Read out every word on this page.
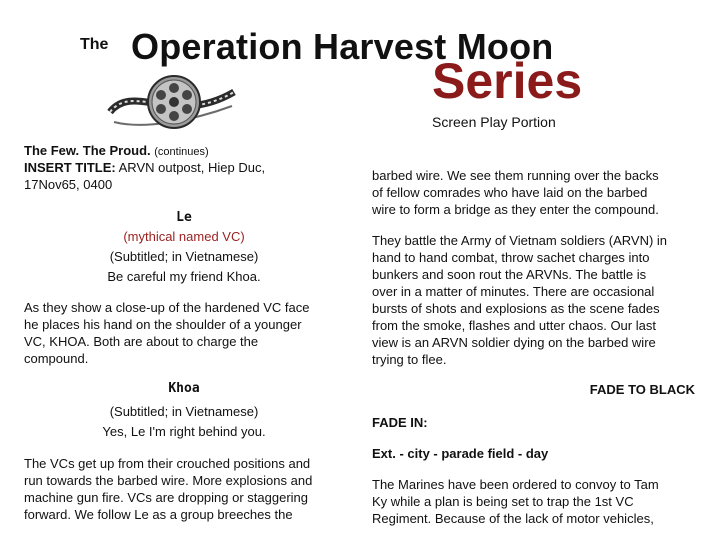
The Operation Harvest Moon
Series
Screen Play Portion
The Few. The Proud. (continues)
INSERT TITLE: ARVN outpost, Hiep Duc,
17Nov65, 0400
Le
(mythical named VC)
(Subtitled; in Vietnamese)
Be careful my friend Khoa.
As they show a close-up of the hardened VC face
he places his hand on the shoulder of a younger
VC, KHOA. Both are about to charge the
compound.
Khoa
(Subtitled; in Vietnamese)
Yes, Le I'm right behind you.
The VCs get up from their crouched positions and
run towards the barbed wire. More explosions and
machine gun fire. VCs are dropping or staggering
forward. We follow Le as a group breeches the
barbed wire. We see them running over the backs
of fellow comrades who have laid on the barbed
wire to form a bridge as they enter the compound.
They battle the Army of Vietnam soldiers (ARVN) in
hand to hand combat, throw sachet charges into
bunkers and soon rout the ARVNs. The battle is
over in a matter of minutes. There are occasional
bursts of shots and explosions as the scene fades
from the smoke, flashes and utter chaos. Our last
view is an ARVN soldier dying on the barbed wire
trying to flee.
FADE TO BLACK
FADE IN:
Ext. - city - parade field - day
The Marines have been ordered to convoy to Tam
Ky while a plan is being set to trap the 1st VC
Regiment. Because of the lack of motor vehicles,
